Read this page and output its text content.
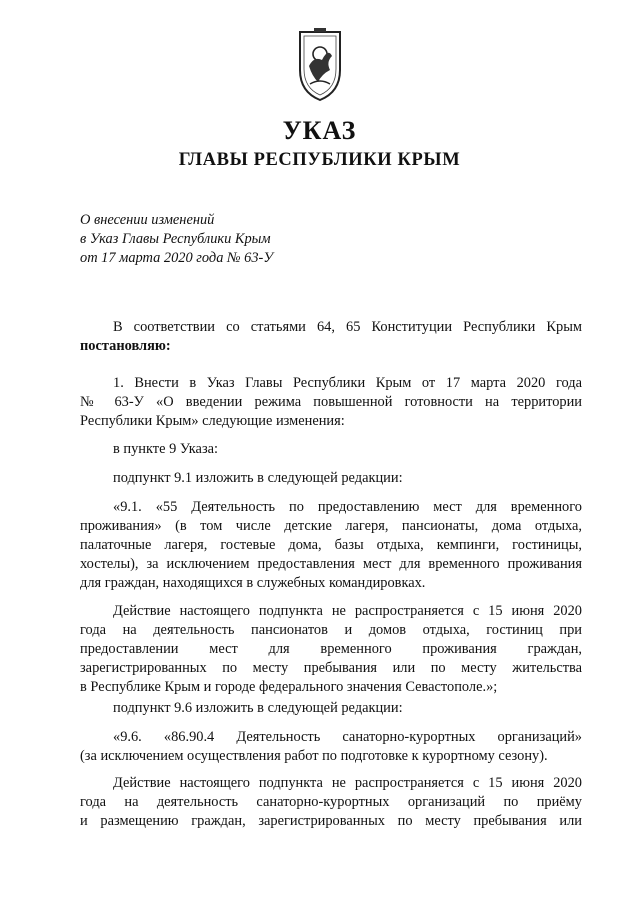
УКАЗ
ГЛАВЫ РЕСПУБЛИКИ КРЫМ
О внесении изменений
в Указ Главы Республики Крым
от 17 марта 2020 года № 63-У
В соответствии со статьями 64, 65 Конституции Республики Крым
постановляю:
1. Внести в Указ Главы Республики Крым от 17 марта 2020 года
№ 63-У «О введении режима повышенной готовности на территории
Республики Крым» следующие изменения:
в пункте 9 Указа:
подпункт 9.1 изложить в следующей редакции:
«9.1. «55 Деятельность по предоставлению мест для временного
проживания» (в том числе детские лагеря, пансионаты, дома отдыха,
палаточные лагеря, гостевые дома, базы отдыха, кемпинги, гостиницы,
хостелы), за исключением предоставления мест для временного проживания
для граждан, находящихся в служебных командировках.
Действие настоящего подпункта не распространяется с 15 июня 2020
года на деятельность пансионатов и домов отдыха, гостиниц при
предоставлении мест для временного проживания граждан,
зарегистрированных по месту пребывания или по месту жительства
в Республике Крым и городе федерального значения Севастополе.»;
подпункт 9.6 изложить в следующей редакции:
«9.6. «86.90.4 Деятельность санаторно-курортных организаций»
(за исключением осуществления работ по подготовке к курортному сезону).
Действие настоящего подпункта не распространяется с 15 июня 2020
года на деятельность санаторно-курортных организаций по приёму
и размещению граждан, зарегистрированных по месту пребывания или
